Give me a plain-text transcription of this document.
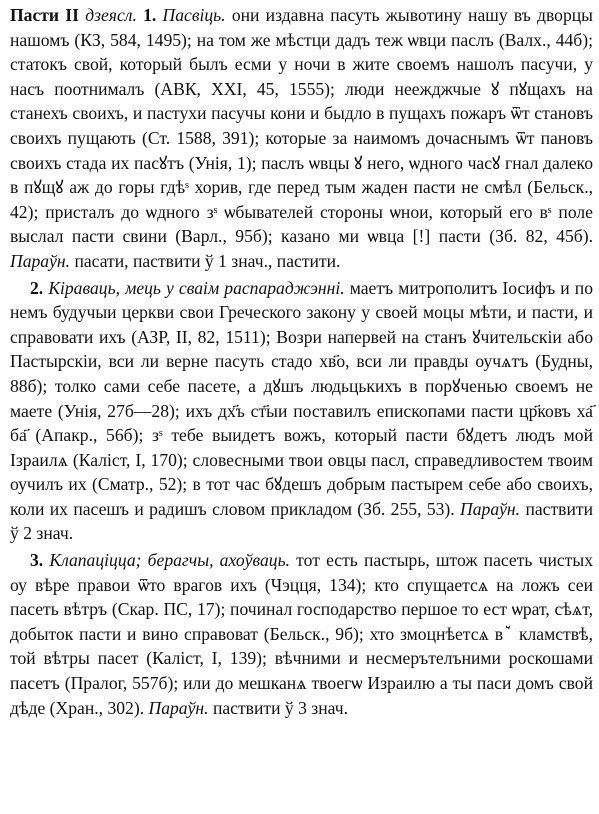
Пасти ІІ дзеясл. 1. Пасвіць. они издавна пасуть жывотину нашу въ дворцы нашомъ (КЗ, 584, 1495); на том же мѣстци дадъ теж ѡвци паслъ (Валх., 44б); статокъ свой, который былъ есми у ночи в жите своемъ нашолъ пасучи, у насъ поотнималъ (АВК, XXI, 45, 1555); люди неежджчые ꙋ пꙋщахъ на станехъ своихъ, и пастухи пасучы кони и быдло в пущахъ пожаръ ѿт становъ своихъ пущають (Ст. 1588, 391); которые за наимомъ дочаснымъ ѿт пановъ своихъ стада их пасꙋтъ (Унія, 1); паслъ ѡвцы ꙋ него, ѡдного часꙋ гнал далеко в пꙋщꙋ аж до горы гдѣˢ хорив, где перед тым жаден пасти не смѣл (Бельск., 42); присталъ до ѡдного зˢ ѡбывателей стороны ѡнои, который его вˢ поле выслал пасти свини (Варл., 95б); казано ми ѡвца [!] пасти (Зб. 82, 45б). Параўн. пасати, паствити ў 1 знач., пастити.

2. Кіраваць, мець у сваім распараджэнні. маетъ митрополитъ Іосифъ и по немъ будучыи церкви свои Греческого закону у своей моцы мѣти, и пасти, и справовати ихъ (АЗР, II, 82, 1511); Возри напервей на станъ ꙋчительскіи або Пастырскіи, вси ли верне пасуть стадо хв҃о, вси ли правды оучѧтъ (Будны, 88б); толко сами себе пасете, а дꙋшъ людьцькихъ в порꙋченью своемъ не маете (Унія, 27б—28); ихъ дх҃ъ ст҃ыи поставилъ епископами пасти цр҃ковъ ха҃ ба҃ (Апакр., 56б); зˢ тебе выидетъ вожъ, который пасти бꙋдетъ людъ мой Ізраилѧ (Каліст, I, 170); словесными твои овцы пасл, справедливостем твоим оучилъ их (Сматр., 52); в тот час бꙋдешъ добрым пастырем себе або своихъ, коли их пасешъ и радишъ словом прикладом (Зб. 255, 53). Параўн. паствити ў 2 знач.

3. Клапаціцца; берагчы, ахоўваць. тот есть пастырь, штож пасеть чистых оу вѣре правои ѿто врагов ихъ (Чэцця, 134); кто спущаетсѧ на ложъ сеи пасеть вѣтръ (Скар. ПС, 17); починал господарство першое то ест ѡрат, сѣѧт, добыток пасти и вино справоват (Бельск., 9б); хто змоцнѣетсѧ вꙿ кламствѣ, той вѣтры пасет (Каліст, I, 139); вѣчними и несмерътелъними роскошами пасетъ (Пралог, 557б); или до мешканѧ твоегѡ Израилю а ты паси домъ свой дѣде (Хран., 302). Параўн. паствити ў 3 знач.
